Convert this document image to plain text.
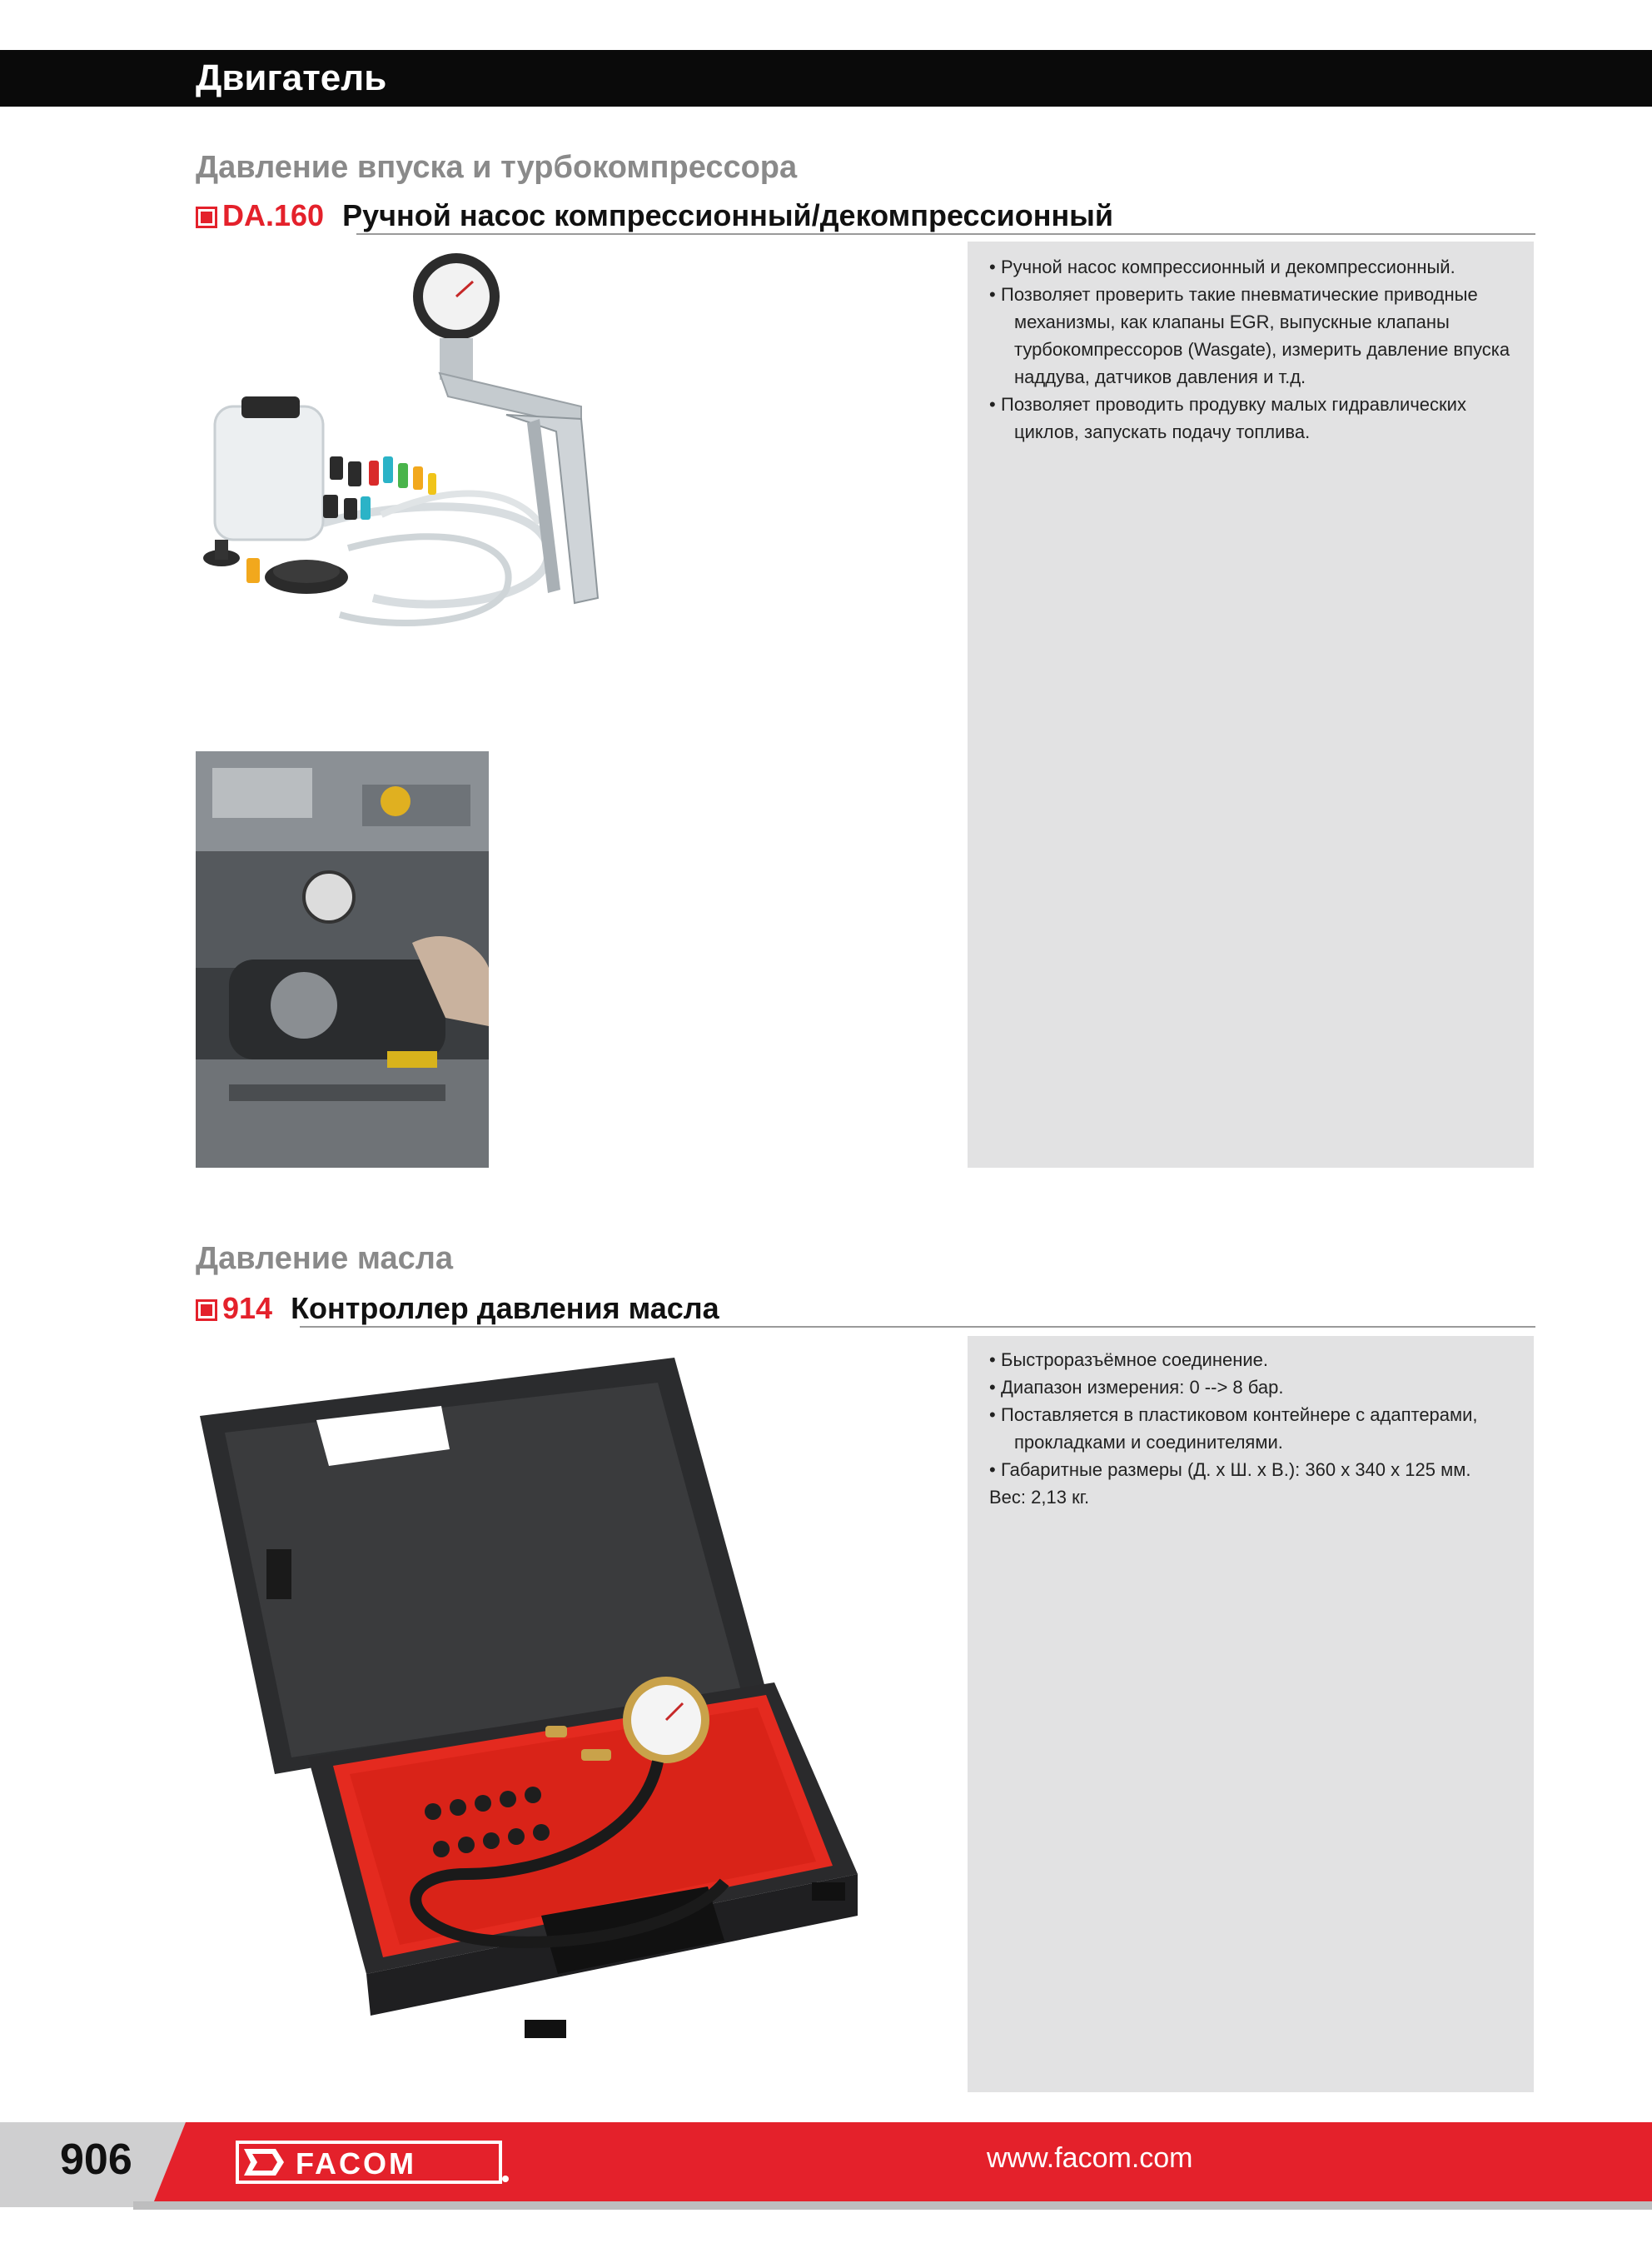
Двигатель
Давление впуска и турбокомпрессора
DA.160 Ручной насос компрессионный/декомпрессионный
• Ручной насос компрессионный и декомпрессионный.
• Позволяет проверить такие пневматические приводные механизмы, как клапаны EGR, выпускные клапаны турбокомпрессоров (Wasgate), измерить давление впуска наддува, датчиков давления и т.д.
• Позволяет проводить продувку малых гидравлических циклов, запускать подачу топлива.
Давление масла
914 Контроллер давления масла
• Быстроразъёмное соединение.
• Диапазон измерения: 0 --> 8 бар.
• Поставляется в пластиковом контейнере с адаптерами, прокладками и соединителями.
• Габаритные размеры (Д. x Ш. x В.): 360 x 340 x 125 мм.
Вес: 2,13 кг.
906	FACOM	www.facom.com
